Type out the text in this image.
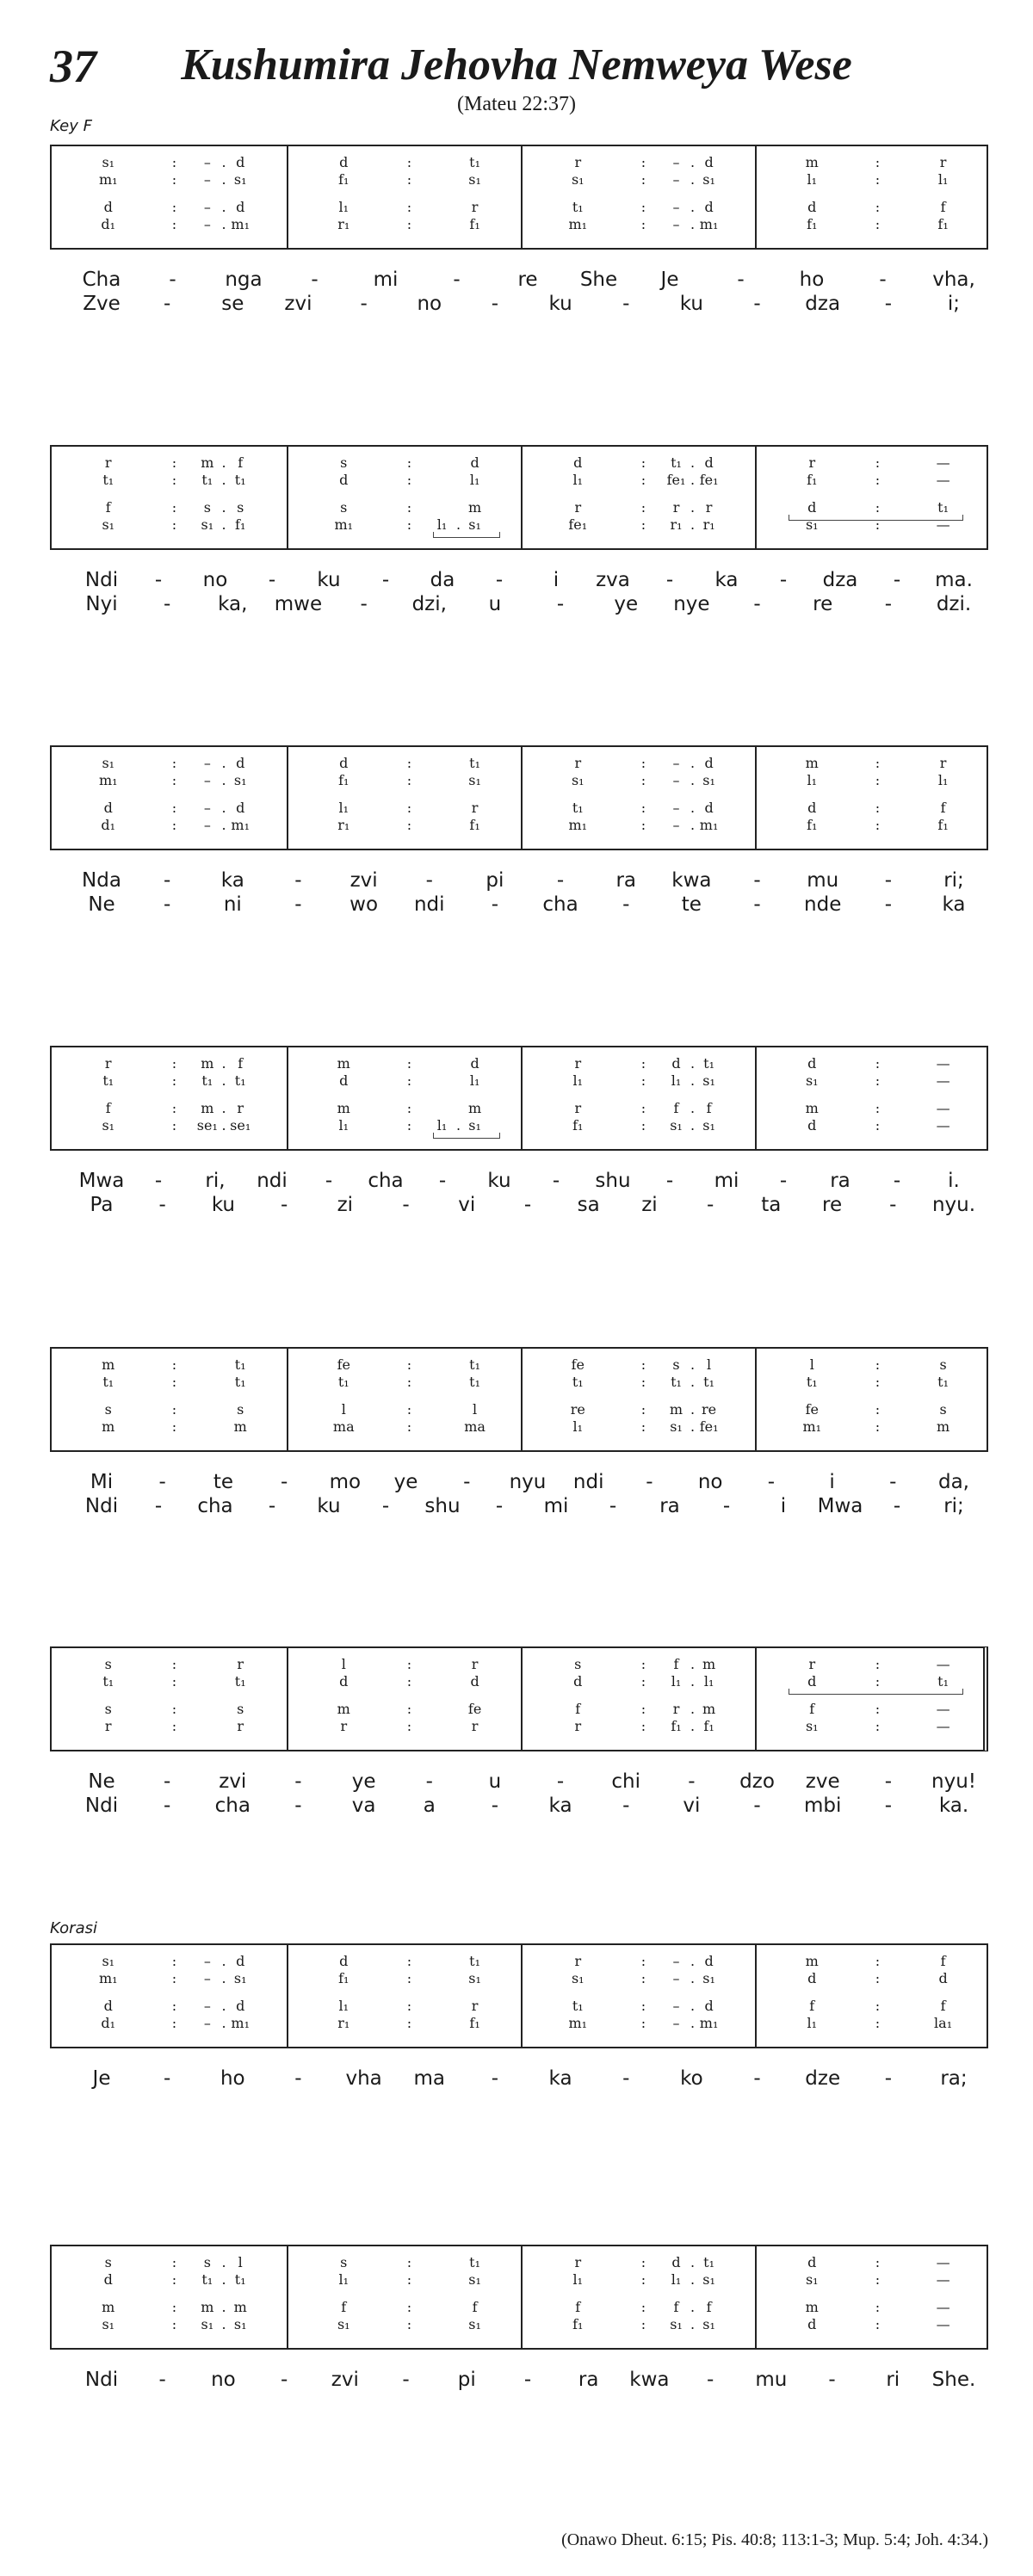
37	Kushumira Jehovha Nemweya Wese
(Mateu 22:37)
Key F
Korasi
s₁	:	– . d	d	:	t₁	r	:	– . d	m	:	r
m₁	:	– . s₁	f₁	:	s₁	s₁	:	– . s₁	l₁	:	l₁
d	:	– . d	l₁	:	r	t₁	:	– . d	d	:	f
d₁	:	– . m₁	r₁	:	f₁	m₁	:	– . m₁	f₁	:	f₁
Cha	-	nga	-	mi	-	re	She	Je	-	ho	-	vha,
Zve	-	se	zvi	-	no	-	ku	-	ku	-	dza	-	i;
r	:	m . f	s	:	d	d	:	t₁ . d	r	:	—
t₁	:	t₁ . t₁	d	:	l₁	l₁	:	fe₁ . fe₁	f₁	:	—
f	:	s . s	s	:	m	r	:	r . r	d	:	t₁
s₁	:	s₁ . f₁	m₁	:	l₁ . s₁	fe₁	:	r₁ . r₁	s₁	:	—
Ndi	-	no	-	ku	-	da	-	i	zva	-	ka	-	dza	-	ma.
Nyi	-	ka,	mwe	-	dzi,	u	-	ye	nye	-	re	-	dzi.
s₁	:	– . d	d	:	t₁	r	:	– . d	m	:	r
m₁	:	– . s₁	f₁	:	s₁	s₁	:	– . s₁	l₁	:	l₁
d	:	– . d	l₁	:	r	t₁	:	– . d	d	:	f
d₁	:	– . m₁	r₁	:	f₁	m₁	:	– . m₁	f₁	:	f₁
Nda	-	ka	-	zvi	-	pi	-	ra	kwa	-	mu	-	ri;
Ne	-	ni	-	wo	ndi	-	cha	-	te	-	nde	-	ka
r	:	m . f	m	:	d	r	:	d . t₁	d	:	—
t₁	:	t₁ . t₁	d	:	l₁	l₁	:	l₁ . s₁	s₁	:	—
f	:	m . r	m	:	m	r	:	f . f	m	:	—
s₁	:	se₁ . se₁	l₁	:	l₁ . s₁	f₁	:	s₁ . s₁	d	:	—
Mwa	-	ri,	ndi	-	cha	-	ku	-	shu	-	mi	-	ra	-	i.
Pa	-	ku	-	zi	-	vi	-	sa	zi	-	ta	re	-	nyu.
m	:	t₁	fe	:	t₁	fe	:	s . l	l	:	s
t₁	:	t₁	t₁	:	t₁	t₁	:	t₁ . t₁	t₁	:	t₁
s	:	s	l	:	l	re	:	m . re	fe	:	s
m	:	m	ma	:	ma	l₁	:	s₁ . fe₁	m₁	:	m
Mi	-	te	-	mo	ye	-	nyu	ndi	-	no	-	i	-	da,
Ndi	-	cha	-	ku	-	shu	-	mi	-	ra	-	i	Mwa	-	ri;
s	:	r	l	:	r	s	:	f . m	r	:	—
t₁	:	t₁	d	:	d	d	:	l₁ . l₁	d	:	t₁
s	:	s	m	:	fe	f	:	r . m	f	:	—
r	:	r	r	:	r	r	:	f₁ . f₁	s₁	:	—
Ne	-	zvi	-	ye	-	u	-	chi	-	dzo	zve	-	nyu!
Ndi	-	cha	-	va	a	-	ka	-	vi	-	mbi	-	ka.
s₁	:	– . d	d	:	t₁	r	:	– . d	m	:	f
m₁	:	– . s₁	f₁	:	s₁	s₁	:	– . s₁	d	:	d
d	:	– . d	l₁	:	r	t₁	:	– . d	f	:	f
d₁	:	– . m₁	r₁	:	f₁	m₁	:	– . m₁	l₁	:	la₁
Je	-	ho	-	vha	ma	-	ka	-	ko	-	dze	-	ra;
s	:	s . l	s	:	t₁	r	:	d . t₁	d	:	—
d	:	t₁ . t₁	l₁	:	s₁	l₁	:	l₁ . s₁	s₁	:	—
m	:	m . m	f	:	f	f	:	f . f	m	:	—
s₁	:	s₁ . s₁	s₁	:	s₁	f₁	:	s₁ . s₁	d	:	—
Ndi	-	no	-	zvi	-	pi	-	ra	kwa	-	mu	-	ri	She.
(Onawo Dheut. 6:15; Pis. 40:8; 113:1-3; Mup. 5:4; Joh. 4:34.)
